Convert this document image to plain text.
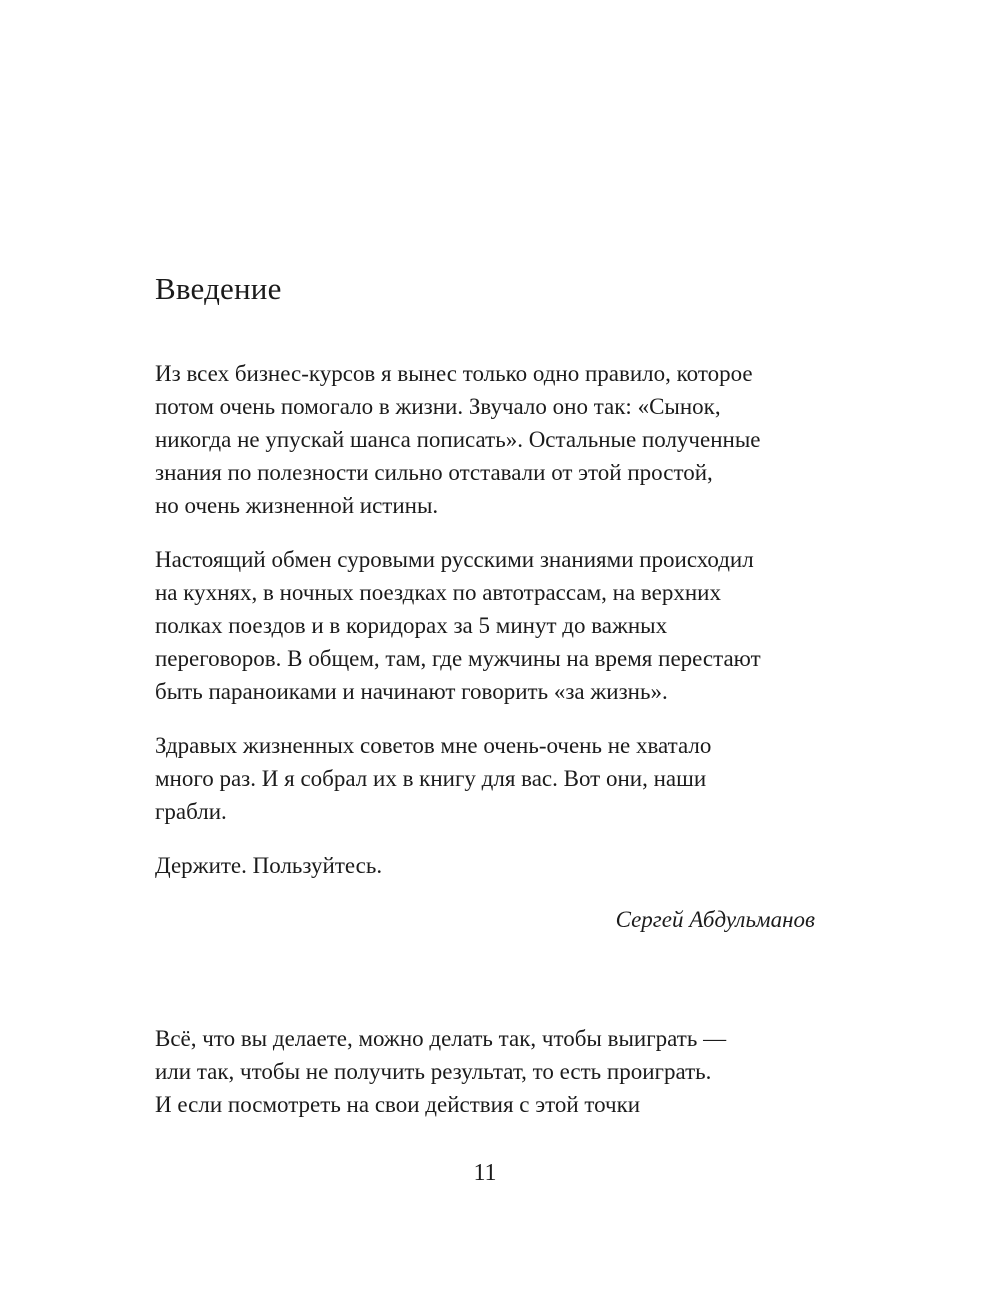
Введение

Из всех бизнес-курсов я вынес только одно правило, которое
потом очень помогало в жизни. Звучало оно так: «Сынок,
никогда не упускай шанса пописать». Остальные полученные
знания по полезности сильно отставали от этой простой,
но очень жизненной истины.

Настоящий обмен суровыми русскими знаниями происходил
на кухнях, в ночных поездках по автотрассам, на верхних
полках поездов и в коридорах за 5 минут до важных
переговоров. В общем, там, где мужчины на время перестают
быть параноиками и начинают говорить «за жизнь».

Здравых жизненных советов мне очень-очень не хватало
много раз. И я собрал их в книгу для вас. Вот они, наши
грабли.

Держите. Пользуйтесь.

Сергей Абдульманов

Всё, что вы делаете, можно делать так, чтобы выиграть —
или так, чтобы не получить результат, то есть проиграть.
И если посмотреть на свои действия с этой точки

11
